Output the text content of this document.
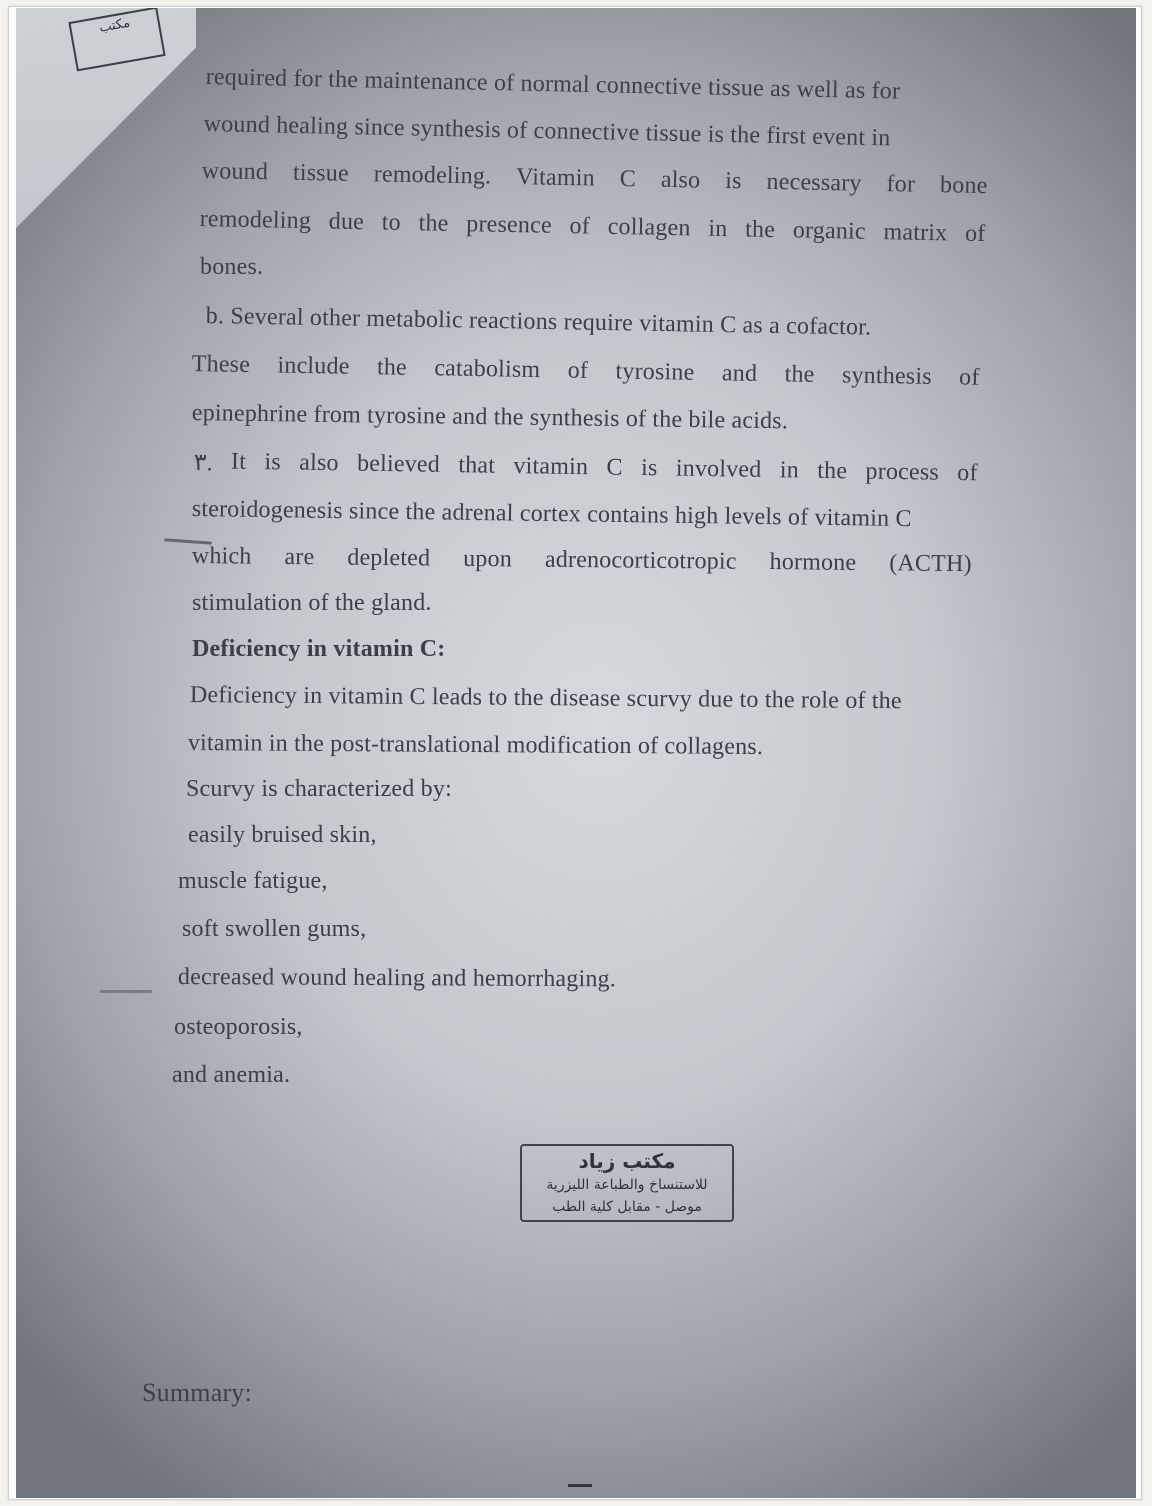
مكتب
required for the maintenance of normal connective tissue as well as for
wound healing since synthesis of connective tissue is the first event in
wound tissue remodeling. Vitamin C also is necessary for bone
remodeling due to the presence of collagen in the organic matrix of
bones.
b. Several other metabolic reactions require vitamin C as a cofactor.
These include the catabolism of tyrosine and the synthesis of
epinephrine from tyrosine and the synthesis of the bile acids.
٣. It is also believed that vitamin C is involved in the process of
steroidogenesis since the adrenal cortex contains high levels of vitamin C
which are depleted upon adrenocorticotropic hormone (ACTH)
stimulation of the gland.
Deficiency in vitamin C:
Deficiency in vitamin C leads to the disease scurvy due to the role of the
vitamin in the post-translational modification of collagens.
Scurvy is characterized by:
easily bruised skin,
muscle fatigue,
soft swollen gums,
decreased wound healing and hemorrhaging.
osteoporosis,
and anemia.
مكتب زياد
للاستنساخ والطباعة الليزرية
موصل - مقابل كلية الطب
Summary:
